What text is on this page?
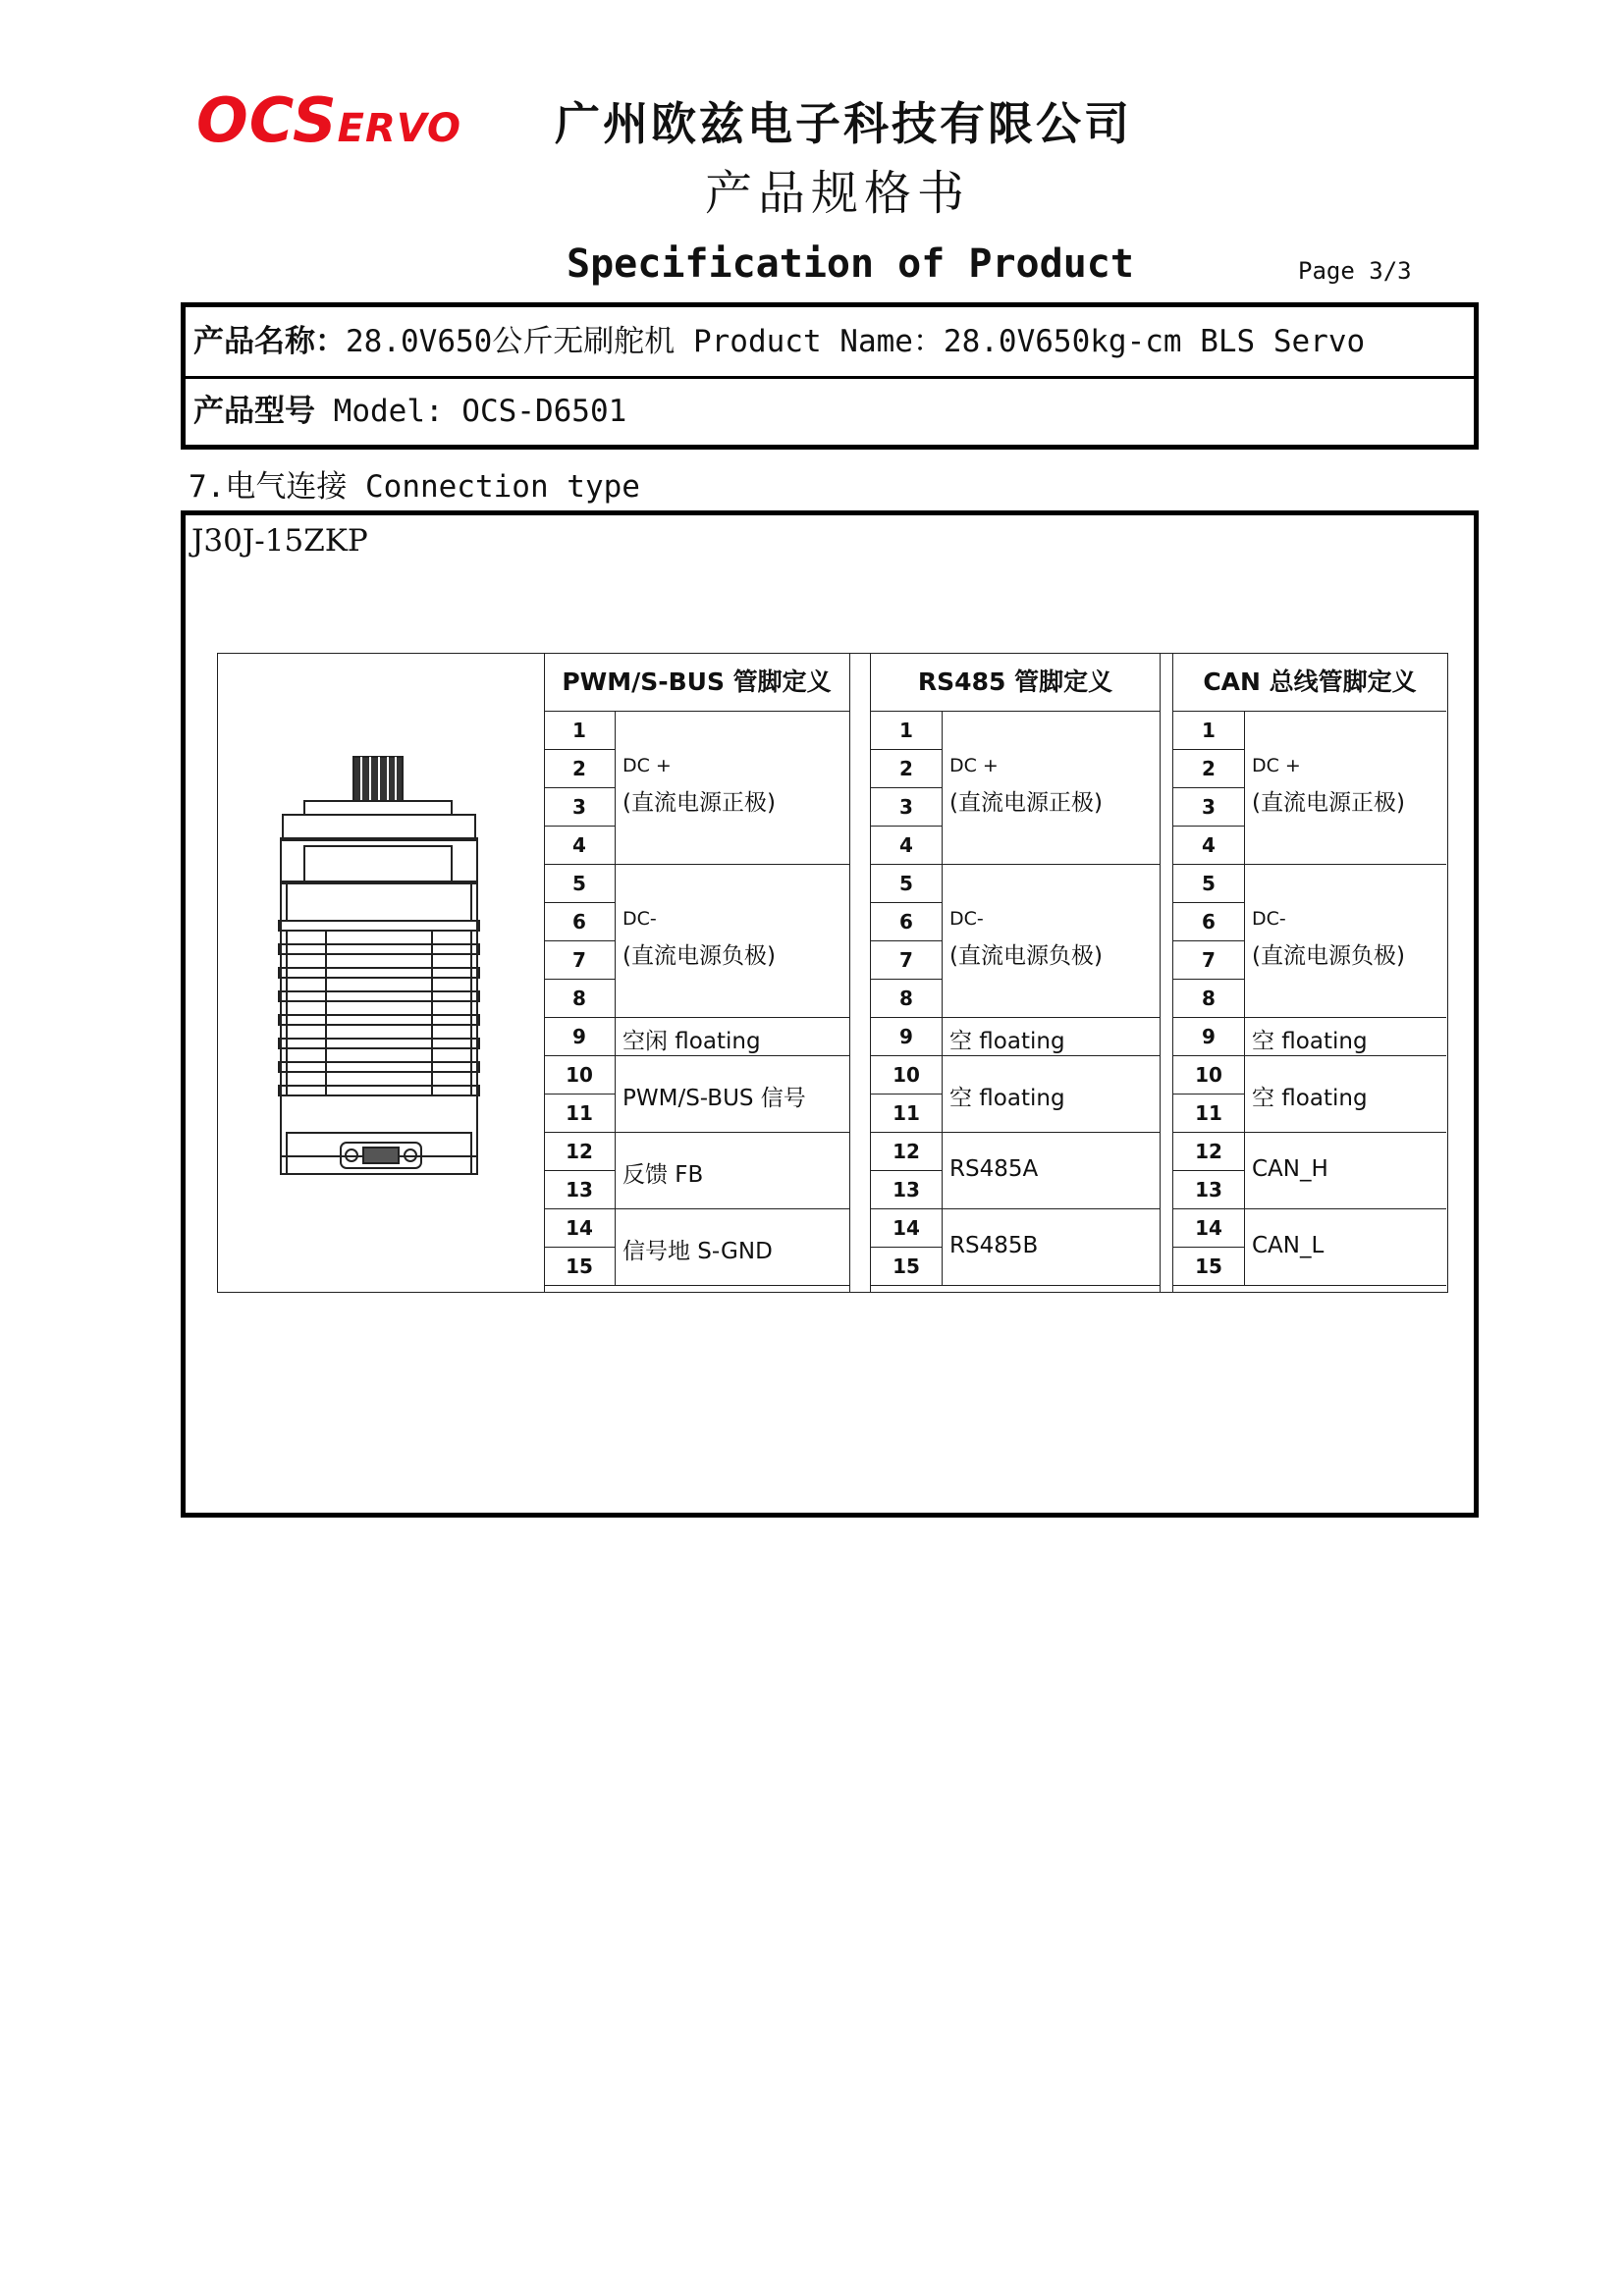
OCSERVO 广州欧兹电子科技有限公司
产品规格书
Specification of Product	Page 3/3
产品名称：28.0V650公斤无刷舵机 Product Name：28.0V650kg-cm BLS Servo
产品型号 Model: OCS-D6501
7.电气连接 Connection type
J30J-15ZKP
PWM/S-BUS 管脚定义
1
2
3
4
5
6
7
8
9
10
11
12
13
14
15
DC +
(直流电源正极)
DC-
(直流电源负极)
空闲 floating
PWM/S-BUS 信号
反馈 FB
信号地 S-GND
RS485 管脚定义
1
2
3
4
5
6
7
8
9
10
11
12
13
14
15
DC +
(直流电源正极)
DC-
(直流电源负极)
空 floating
空 floating
RS485A
RS485B
CAN 总线管脚定义
1
2
3
4
5
6
7
8
9
10
11
12
13
14
15
DC +
(直流电源正极)
DC-
(直流电源负极)
空 floating
空 floating
CAN_H
CAN_L
